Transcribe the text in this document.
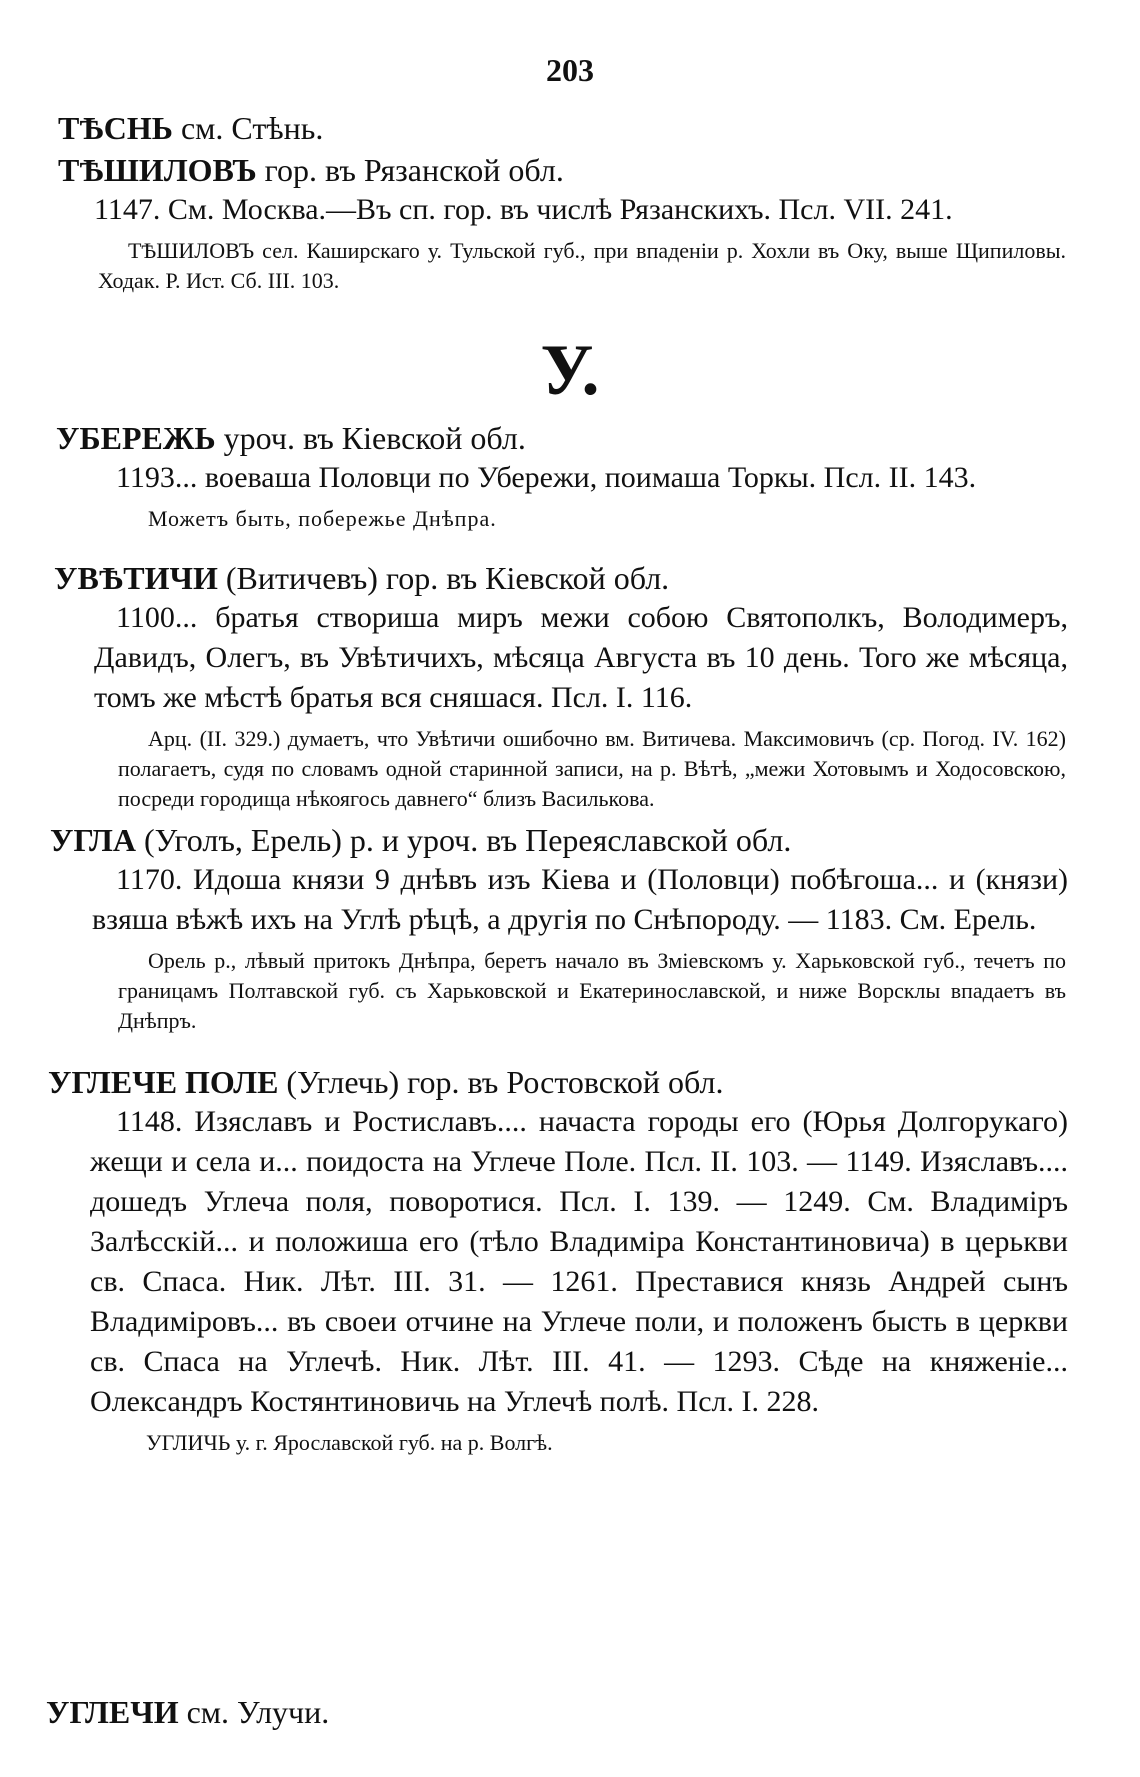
203

ТѢСНЬ см. Стѣнь.

ТѢШИЛОВЪ гор. въ Рязанской обл.

1147. См. Москва.—Въ сп. гор. въ числѣ Рязанскихъ. Псл. VII. 241.

ТѢШИЛОВЪ сел. Каширскаго у. Тульской губ., при впаденіи р. Хохли въ Оку, выше Щипиловы. Ходак. Р. Ист. Сб. III. 103.

У.

УБЕРЕЖЬ уроч. въ Кіевской обл.

1193... воеваша Половци по Убережи, поимаша Торкы. Псл. II. 143.

Можетъ быть, побережье Днѣпра.

УВѢТИЧИ (Витичевъ) гор. въ Кіевской обл.

1100... братья створиша миръ межи собою Святополкъ, Володимеръ, Давидъ, Олегъ, въ Увѣтичихъ, мѣсяца Августа въ 10 день. Того же мѣсяца, томъ же мѣстѣ братья вся сняшася. Псл. I. 116.

Арц. (II. 329.) думаетъ, что Увѣтичи ошибочно вм. Витичева. Максимовичъ (ср. Погод. IV. 162) полагаетъ, судя по словамъ одной старинной записи, на р. Вѣтѣ, „межи Хотовымъ и Ходосовскою, посреди городища нѣкоягось давнего“ близъ Василькова.

УГЛА (Уголъ, Ерель) р. и уроч. въ Переяславской обл.

1170. Идоша князи 9 днѣвъ изъ Кіева и (Половци) побѣгоша... и (князи) взяша вѣжѣ ихъ на Углѣ рѣцѣ, а другія по Снѣпороду. — 1183. См. Ерель.

Орель р., лѣвый притокъ Днѣпра, беретъ начало въ Зміевскомъ у. Харьковской губ., течетъ по границамъ Полтавской губ. съ Харьковской и Екатеринославской, и ниже Ворсклы впадаетъ въ Днѣпръ.

УГЛЕЧЕ ПОЛЕ (Углечь) гор. въ Ростовской обл.

1148. Изяславъ и Ростиславъ.... начаста городы его (Юрья Долгорукаго) жещи и села и... поидоста на Углече Поле. Псл. II. 103. — 1149. Изяславъ.... дошедъ Углеча поля, поворотися. Псл. I. 139. — 1249. См. Владиміръ Залѣсскій... и положиша его (тѣло Владиміра Константиновича) в церькви св. Спаса. Ник. Лѣт. III. 31. — 1261. Преставися князь Андрей сынъ Владиміровъ... въ своеи отчине на Углече поли, и положенъ бысть в церкви св. Спаса на Углечѣ. Ник. Лѣт. III. 41. — 1293. Сѣде на княженіе... Олександръ Костянтиновичь на Углечѣ полѣ. Псл. I. 228.

УГЛИЧЬ у. г. Ярославской губ. на р. Волгѣ.

УГЛЕЧИ см. Улучи.
